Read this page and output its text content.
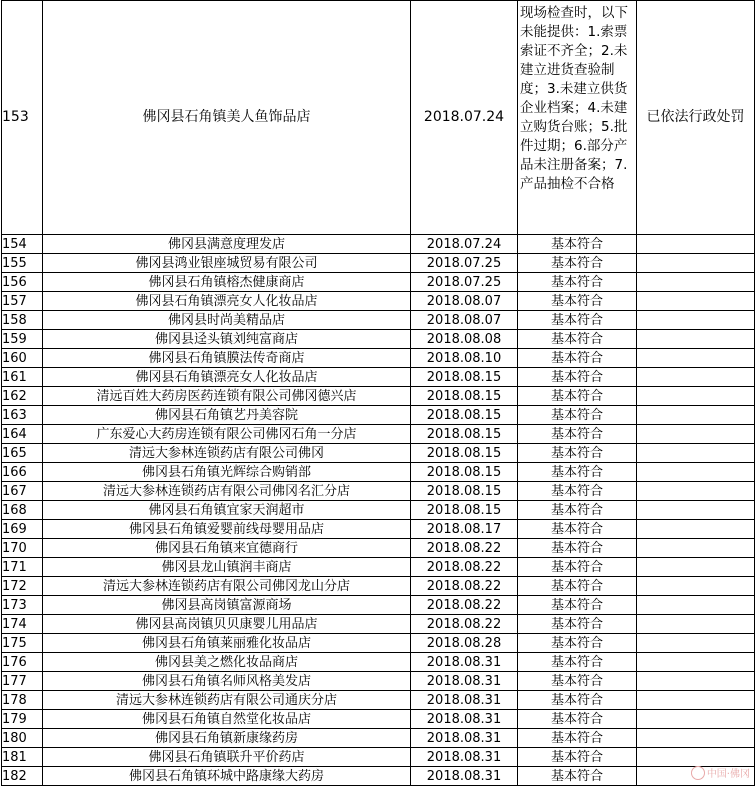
153	佛冈县石角镇美人鱼饰品店	2018.07.24	现场检查时，以下未能提供：1.索票索证不齐全；2.未建立进货查验制度；3.未建立供货企业档案；4.未建立购货台账；5.批件过期；6.部分产品未注册备案；7.产品抽检不合格	已依法行政处罚
154	佛冈县满意度理发店	2018.07.24	基本符合	
155	佛冈县鸿业银座城贸易有限公司	2018.07.25	基本符合	
156	佛冈县石角镇榕杰健康商店	2018.07.25	基本符合	
157	佛冈县石角镇漂亮女人化妆品店	2018.08.07	基本符合	
158	佛冈县时尚美精品店	2018.08.07	基本符合	
159	佛冈县迳头镇刘纯富商店	2018.08.08	基本符合	
160	佛冈县石角镇膜法传奇商店	2018.08.10	基本符合	
161	佛冈县石角镇漂亮女人化妆品店	2018.08.15	基本符合	
162	清远百姓大药房医药连锁有限公司佛冈德兴店	2018.08.15	基本符合	
163	佛冈县石角镇艺丹美容院	2018.08.15	基本符合	
164	广东爱心大药房连锁有限公司佛冈石角一分店	2018.08.15	基本符合	
165	清远大参林连锁药店有限公司佛冈	2018.08.15	基本符合	
166	佛冈县石角镇光辉综合购销部	2018.08.15	基本符合	
167	清远大参林连锁药店有限公司佛冈名汇分店	2018.08.15	基本符合	
168	佛冈县石角镇宜家天润超市	2018.08.15	基本符合	
169	佛冈县石角镇爱婴前线母婴用品店	2018.08.17	基本符合	
170	佛冈县石角镇来宜德商行	2018.08.22	基本符合	
171	佛冈县龙山镇润丰商店	2018.08.22	基本符合	
172	清远大参林连锁药店有限公司佛冈龙山分店	2018.08.22	基本符合	
173	佛冈县高岗镇富源商场	2018.08.22	基本符合	
174	佛冈县高岗镇贝贝康婴儿用品店	2018.08.22	基本符合	
175	佛冈县石角镇莱丽雅化妆品店	2018.08.28	基本符合	
176	佛冈县美之燃化妆品商店	2018.08.31	基本符合	
177	佛冈县石角镇名师风格美发店	2018.08.31	基本符合	
178	清远大参林连锁药店有限公司通庆分店	2018.08.31	基本符合	
179	佛冈县石角镇自然堂化妆品店	2018.08.31	基本符合	
180	佛冈县石角镇新康缘药房	2018.08.31	基本符合	
181	佛冈县石角镇联升平价药店	2018.08.31	基本符合	
182	佛冈县石角镇环城中路康缘大药房	2018.08.31	基本符合		中国·佛冈
